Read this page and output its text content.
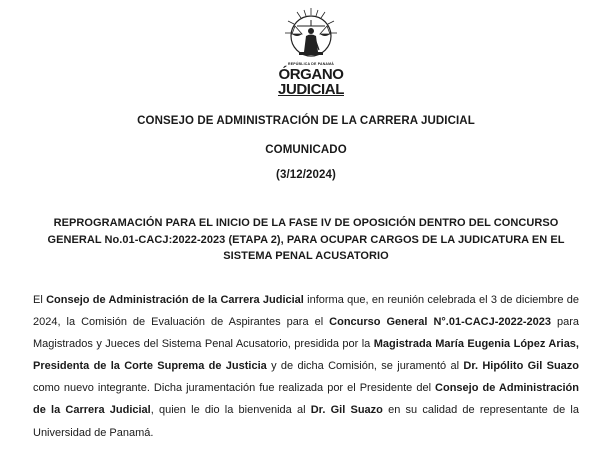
REPÚBLICA DE PANAMÁ
ÓRGANO
JUDICIAL
CONSEJO DE ADMINISTRACIÓN DE LA CARRERA JUDICIAL
COMUNICADO
(3/12/2024)
REPROGRAMACIÓN PARA EL INICIO DE LA FASE IV DE OPOSICIÓN DENTRO DEL CONCURSO GENERAL No.01-CACJ:2022-2023 (ETAPA 2), PARA OCUPAR CARGOS DE LA JUDICATURA EN EL SISTEMA PENAL ACUSATORIO
El Consejo de Administración de la Carrera Judicial informa que, en reunión celebrada el 3 de diciembre de 2024, la Comisión de Evaluación de Aspirantes para el Concurso General N°.01-CACJ-2022-2023 para Magistrados y Jueces del Sistema Penal Acusatorio, presidida por la Magistrada María Eugenia López Arias, Presidenta de la Corte Suprema de Justicia y de dicha Comisión, se juramentó al Dr. Hipólito Gil Suazo como nuevo integrante. Dicha juramentación fue realizada por el Presidente del Consejo de Administración de la Carrera Judicial, quien le dio la bienvenida al Dr. Gil Suazo en su calidad de representante de la Universidad de Panamá.
